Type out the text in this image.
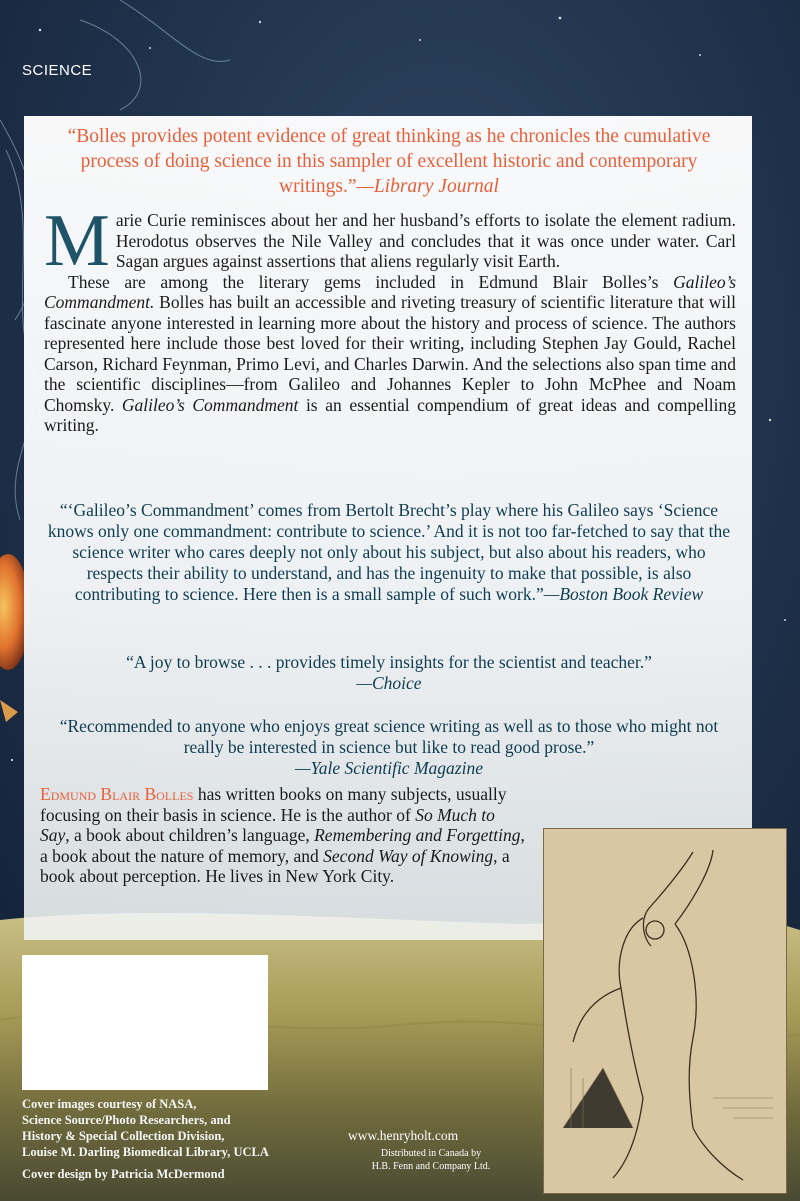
SCIENCE
“Bolles provides potent evidence of great thinking as he chronicles the cumulative process of doing science in this sampler of excellent historic and contemporary writings.”—Library Journal

Marie Curie reminisces about her and her husband’s efforts to isolate the element radium. Herodotus observes the Nile Valley and concludes that it was once under water. Carl Sagan argues against assertions that aliens regularly visit Earth.

These are among the literary gems included in Edmund Blair Bolles’s Galileo’s Commandment. Bolles has built an accessible and riveting treasury of scientific literature that will fascinate anyone interested in learning more about the history and process of science. The authors represented here include those best loved for their writing, including Stephen Jay Gould, Rachel Carson, Richard Feynman, Primo Levi, and Charles Darwin. And the selections also span time and the scientific disciplines—from Galileo and Johannes Kepler to John McPhee and Noam Chomsky. Galileo’s Commandment is an essential compendium of great ideas and compelling writing.

“‘Galileo’s Commandment’ comes from Bertolt Brecht’s play where his Galileo says ‘Science knows only one commandment: contribute to science.’ And it is not too far-fetched to say that the science writer who cares deeply not only about his subject, but also about his readers, who respects their ability to understand, and has the ingenuity to make that possible, is also contributing to science. Here then is a small sample of such work.”—Boston Book Review
“A joy to browse . . . provides timely insights for the scientist and teacher.”
—Choice
“Recommended to anyone who enjoys great science writing as well as to those who might not really be interested in science but like to read good prose.”
—Yale Scientific Magazine
Edmund Blair Bolles has written books on many subjects, usually focusing on their basis in science. He is the author of So Much to Say, a book about children’s language, Remembering and Forgetting, a book about the nature of memory, and Second Way of Knowing, a book about perception. He lives in New York City.
Cover images courtesy of NASA,
Science Source/Photo Researchers, and
History & Special Collection Division,
Louise M. Darling Biomedical Library, UCLA
Cover design by Patricia McDermond
www.henryholt.com
Distributed in Canada by
H.B. Fenn and Company Ltd.
